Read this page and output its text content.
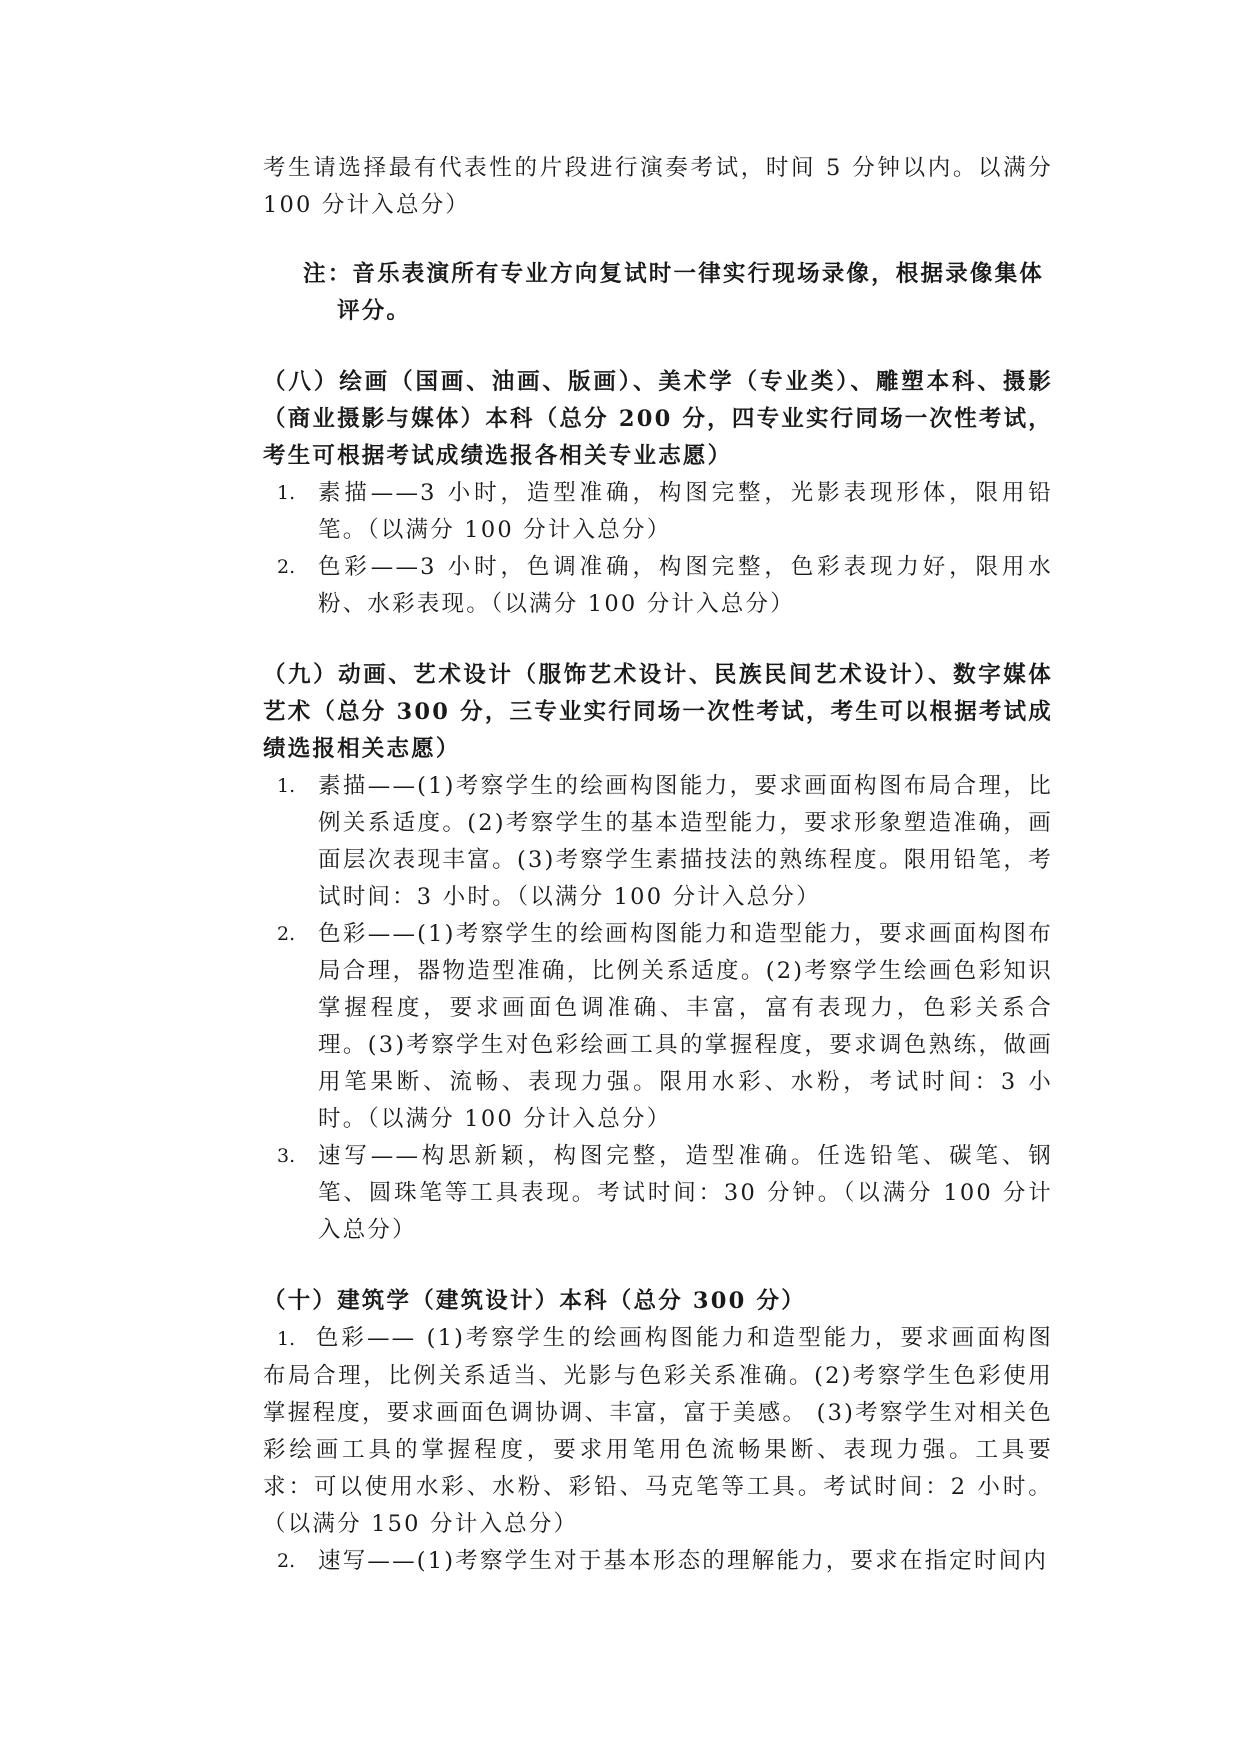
考生请选择最有代表性的片段进行演奏考试，时间 5 分钟以内。以满分 100 分计入总分）

注：音乐表演所有专业方向复试时一律实行现场录像，根据录像集体评分。

（八）绘画（国画、油画、版画）、美术学（专业类）、雕塑本科、摄影（商业摄影与媒体）本科（总分 200 分，四专业实行同场一次性考试，考生可根据考试成绩选报各相关专业志愿）

1. 素描——3 小时，造型准确，构图完整，光影表现形体，限用铅笔。（以满分 100 分计入总分）
2. 色彩——3 小时，色调准确，构图完整，色彩表现力好，限用水粉、水彩表现。（以满分 100 分计入总分）

（九）动画、艺术设计（服饰艺术设计、民族民间艺术设计）、数字媒体艺术（总分 300 分，三专业实行同场一次性考试，考生可以根据考试成绩选报相关志愿）

1. 素描——(1)考察学生的绘画构图能力，要求画面构图布局合理，比例关系适度。(2)考察学生的基本造型能力，要求形象塑造准确，画面层次表现丰富。(3)考察学生素描技法的熟练程度。限用铅笔，考试时间：3 小时。（以满分 100 分计入总分）
2. 色彩——(1)考察学生的绘画构图能力和造型能力，要求画面构图布局合理，器物造型准确，比例关系适度。(2)考察学生绘画色彩知识掌握程度，要求画面色调准确、丰富，富有表现力，色彩关系合理。(3)考察学生对色彩绘画工具的掌握程度，要求调色熟练，做画用笔果断、流畅、表现力强。限用水彩、水粉，考试时间：3 小时。（以满分 100 分计入总分）
3. 速写——构思新颖，构图完整，造型准确。任选铅笔、碳笔、钢笔、圆珠笔等工具表现。考试时间：30 分钟。（以满分 100 分计入总分）

（十）建筑学（建筑设计）本科（总分 300 分）

1. 色彩—— (1)考察学生的绘画构图能力和造型能力，要求画面构图布局合理，比例关系适当、光影与色彩关系准确。(2)考察学生色彩使用掌握程度，要求画面色调协调、丰富，富于美感。 (3)考察学生对相关色彩绘画工具的掌握程度，要求用笔用色流畅果断、表现力强。工具要求：可以使用水彩、水粉、彩铅、马克笔等工具。考试时间：2 小时。（以满分 150 分计入总分）
2. 速写——(1)考察学生对于基本形态的理解能力，要求在指定时间内
